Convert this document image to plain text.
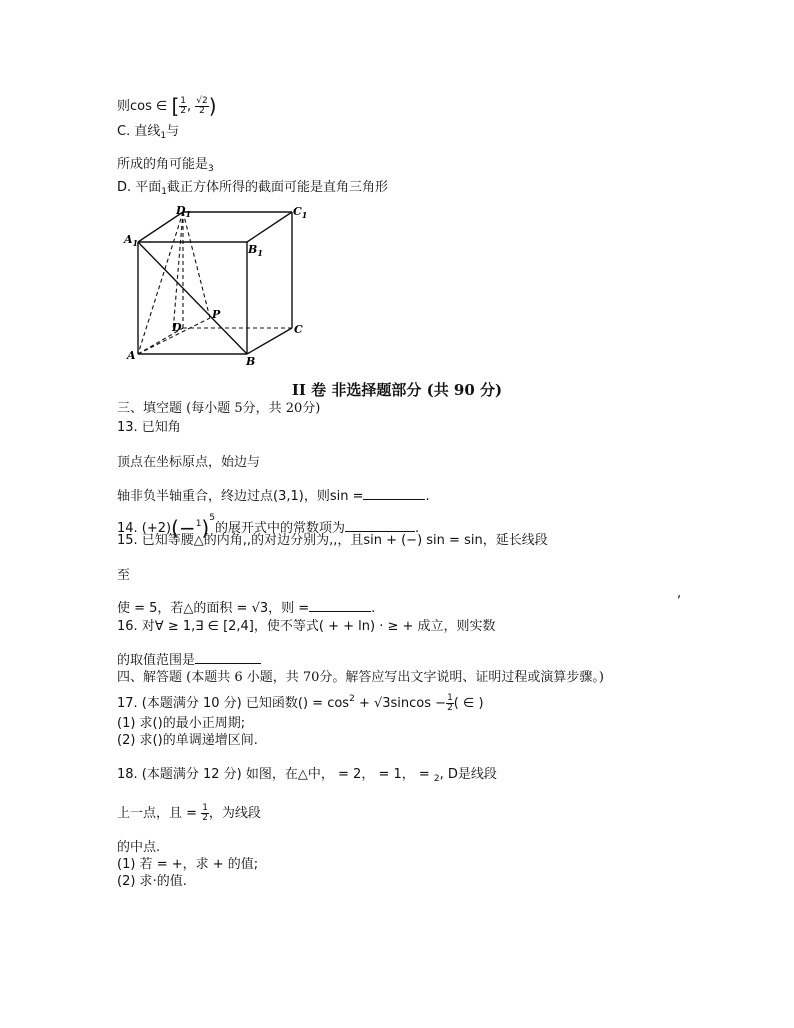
则cos ∈ [ $\frac{1}{2}$ , $\frac{√2}{2}$ )
C. 直线$_1$与
所成的角可能是$_3$
D. 平面$_1$截正方体所得的截面可能是直角三角形
$D_1$	$C_1$
$A_1$	$B_1$
P
D	C
A	B
II 卷 非选择题部分 (共 90 分)
三、填空题 (每小题 5分，共 20分)
13. 已知角
顶点在坐标原点，始边与
轴非负半轴重合，终边过点(3,1)，则sin =	.
14. $(+2)(-^1)^5$的展开式中的常数项为	.
15. 已知等腰△的内角,,的对边分别为,,，且sin + (−) sin = sin，延长线段
至
,
使 = 5，若△的面积 = √3，则 =	.
16. 对∀ ≥ 1,∃ ∈ [2,4]，使不等式( + + ln) · ≥ + 成立，则实数
的取值范围是
四、解答题 (本题共 6 小题，共 70分。解答应写出文字说明、证明过程或演算步骤。)
17. (本题满分 10 分) 已知函数() = $\cos^2 + √3sincos - \frac{1}{2}$ ( ∈ )
(1) 求()的最小正周期;
(2) 求()的单调递增区间.
18. (本题满分 12 分) 如图，在△中， = 2， = 1， = $_2$, D是线段
上一点，且 = $\frac{1}{2}$ ，为线段
的中点.
(1) 若 = +，求 + 的值;
(2) 求·的值.
